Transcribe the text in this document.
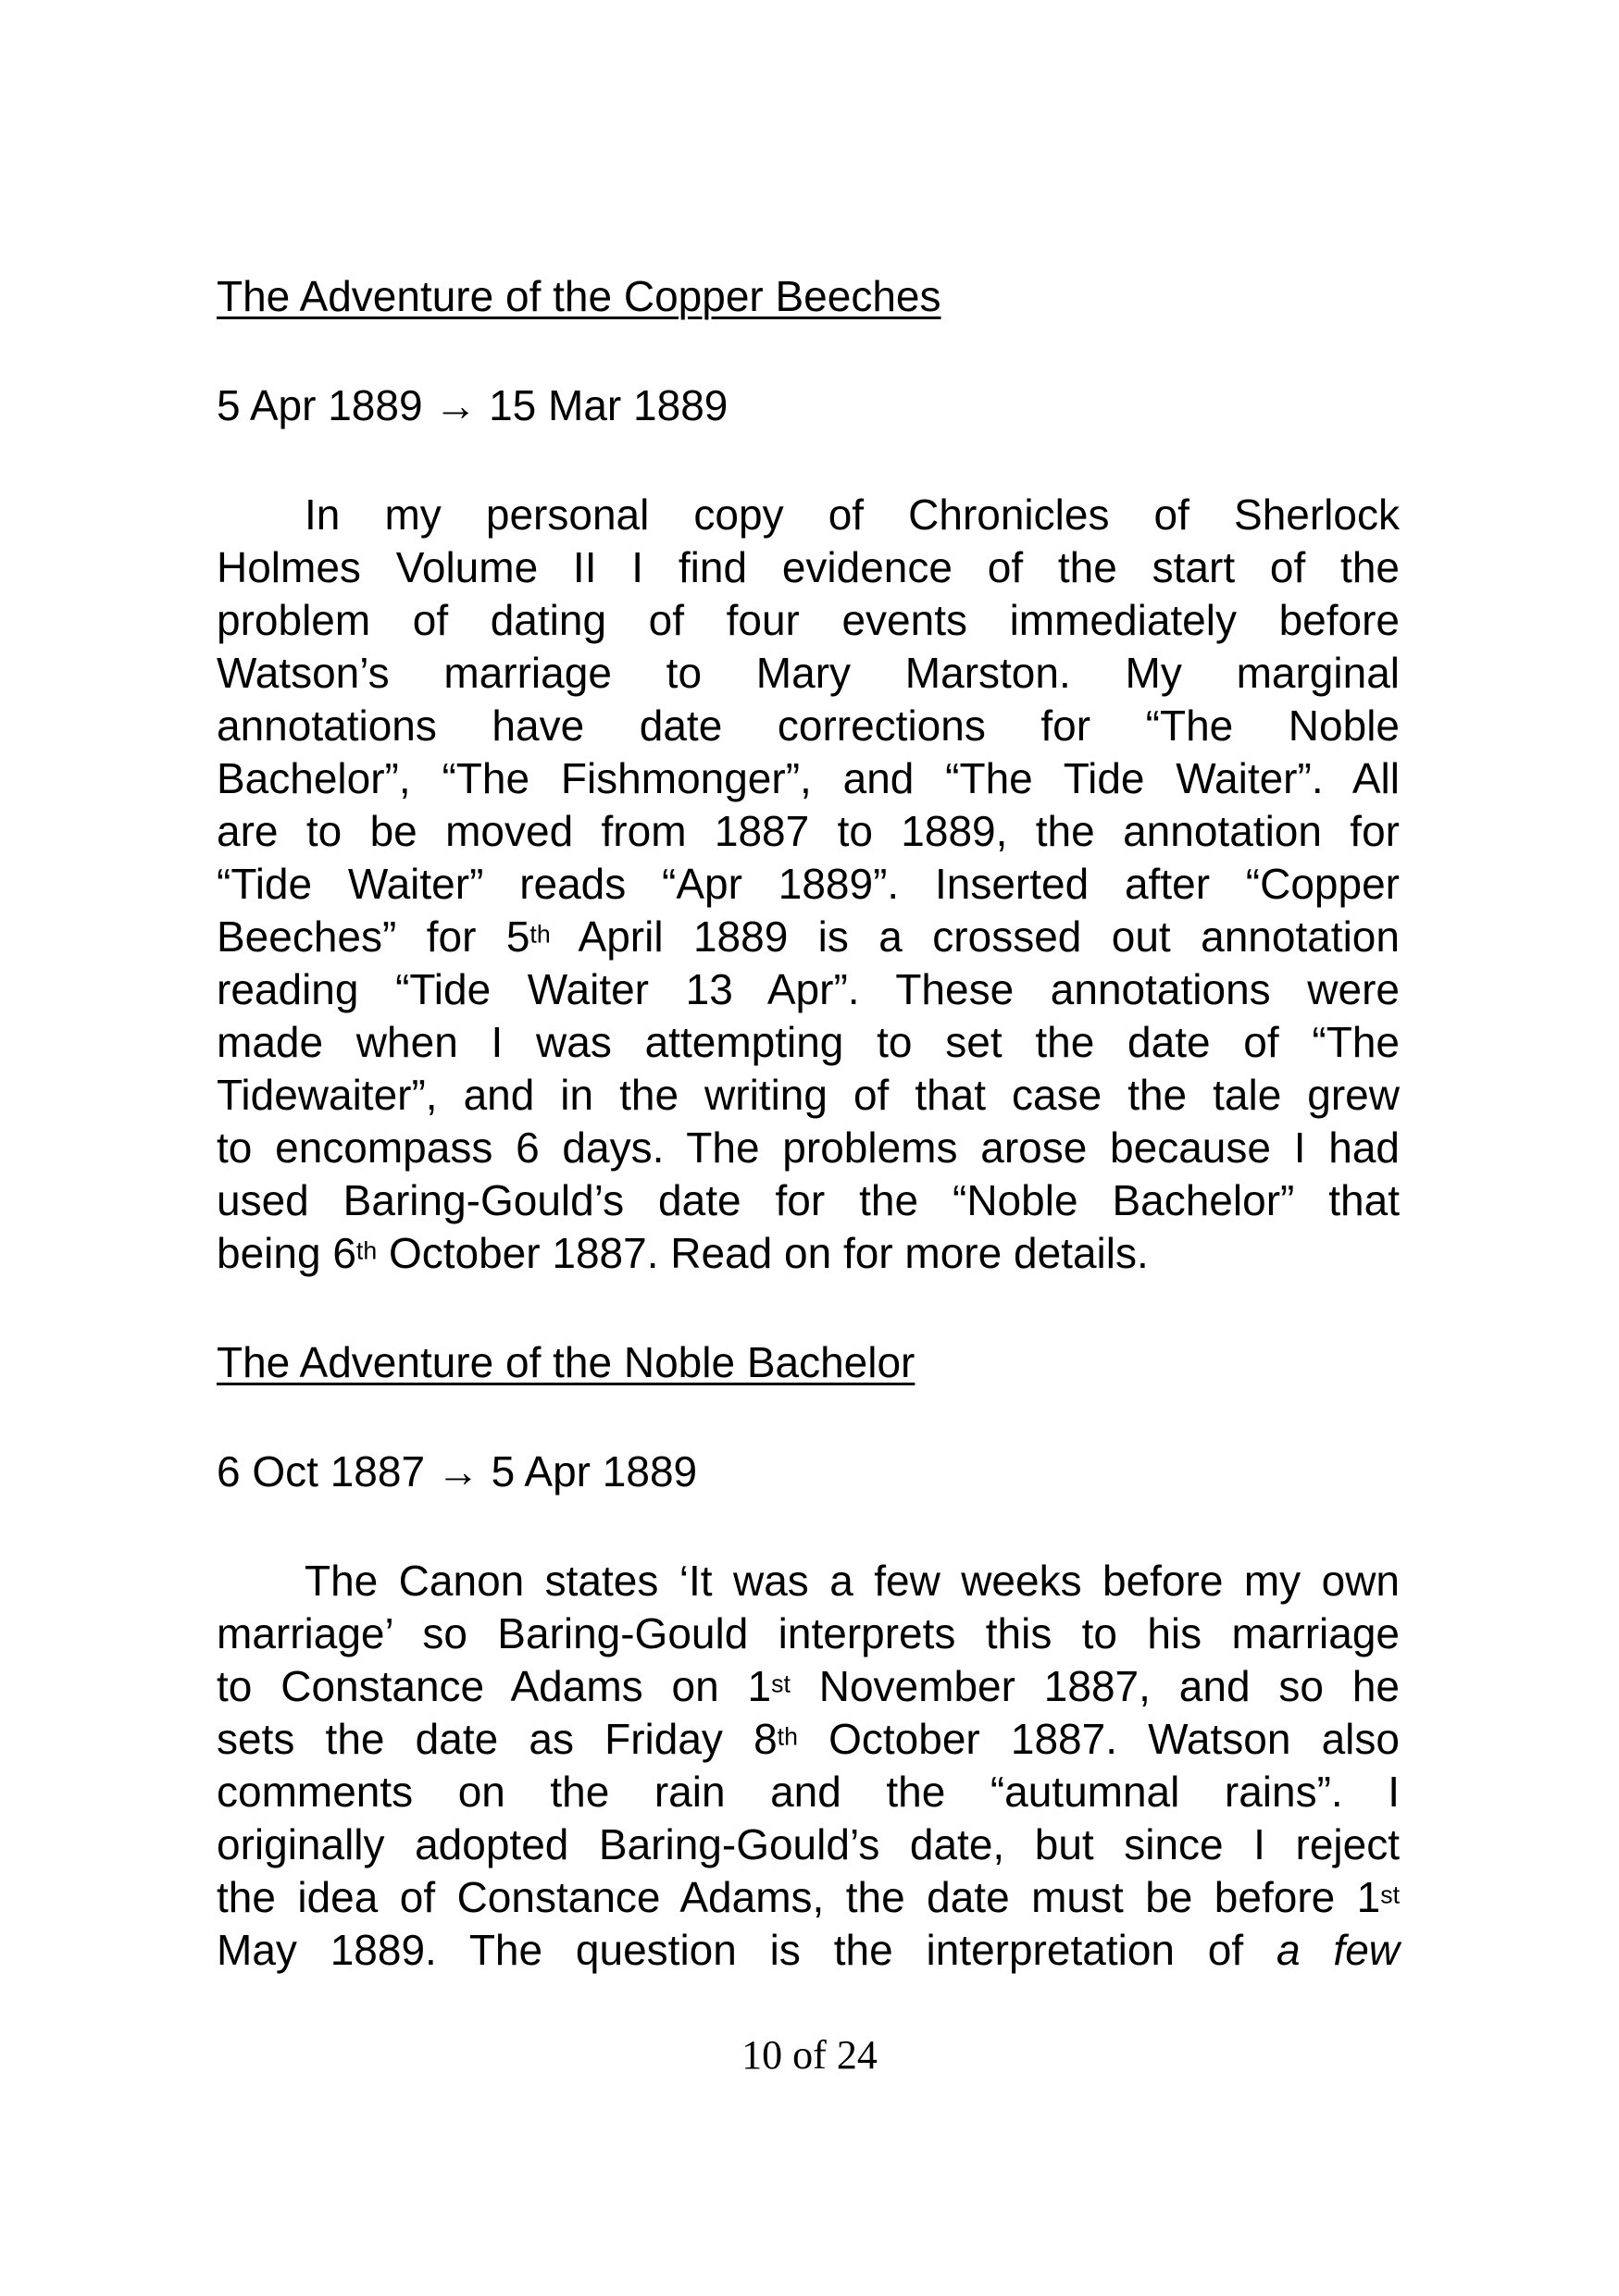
The Adventure of the Copper Beeches
5 Apr 1889 → 15 Mar 1889
In my personal copy of Chronicles of Sherlock
Holmes Volume II I find evidence of the start of the
problem of dating of four events immediately before
Watson’s marriage to Mary Marston. My marginal
annotations have date corrections for “The Noble
Bachelor”, “The Fishmonger”, and “The Tide Waiter”. All
are to be moved from 1887 to 1889, the annotation for
“Tide Waiter” reads “Apr 1889”. Inserted after “Copper
Beeches” for 5th April 1889 is a crossed out annotation
reading “Tide Waiter 13 Apr”. These annotations were
made when I was attempting to set the date of “The
Tidewaiter”, and in the writing of that case the tale grew
to encompass 6 days. The problems arose because I had
used Baring-Gould’s date for the “Noble Bachelor” that
being 6th October 1887. Read on for more details.
The Adventure of the Noble Bachelor
6 Oct 1887 → 5 Apr 1889
The Canon states ‘It was a few weeks before my own
marriage’ so Baring-Gould interprets this to his marriage
to Constance Adams on 1st November 1887, and so he
sets the date as Friday 8th October 1887. Watson also
comments on the rain and the “autumnal rains”. I
originally adopted Baring-Gould’s date, but since I reject
the idea of Constance Adams, the date must be before 1st
May 1889. The question is the interpretation of a few
10 of 24
